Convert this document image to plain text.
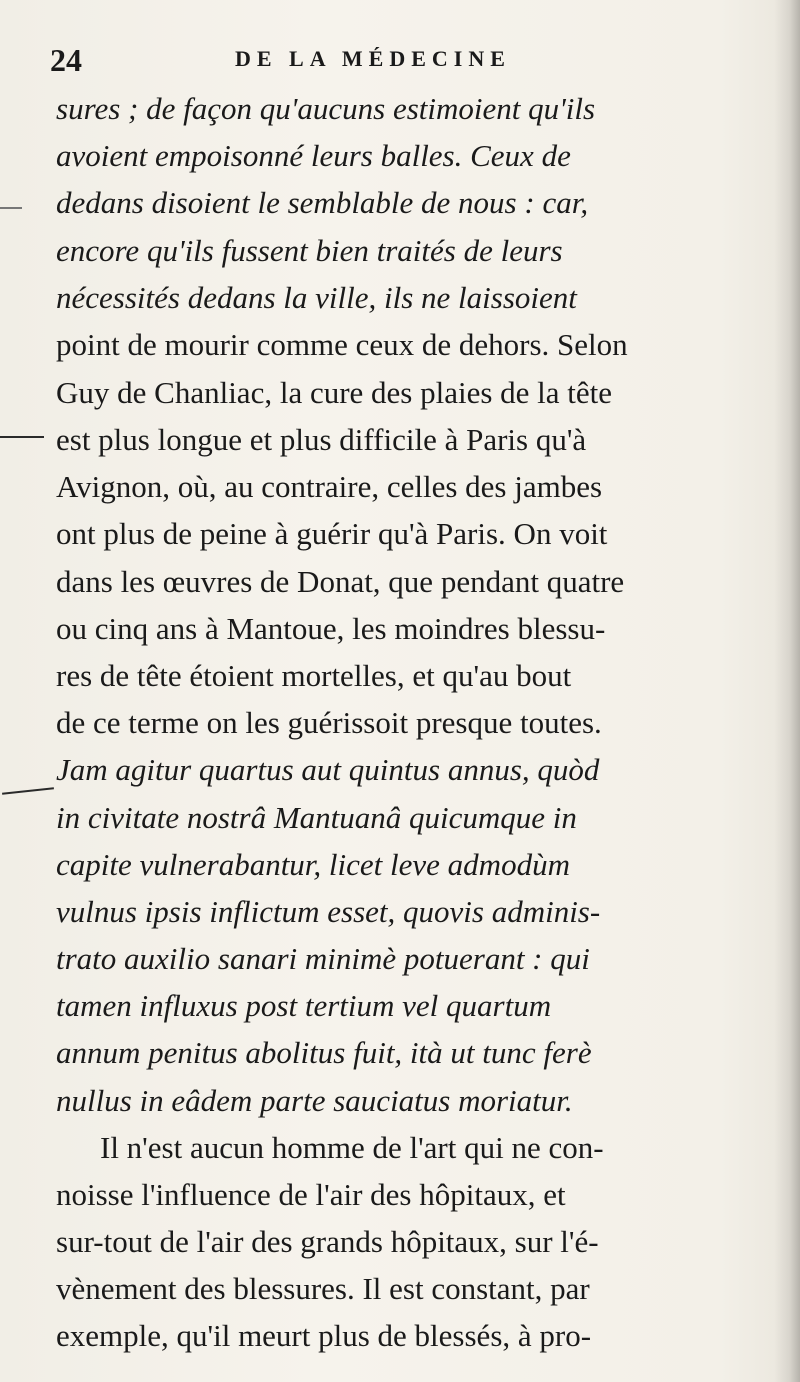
24	DE LA MÉDECINE
sures ; de façon qu'aucuns estimoient qu'ils
avoient empoisonné leurs balles. Ceux de
dedans disoient le semblable de nous : car,
encore qu'ils fussent bien traités de leurs
nécessités dedans la ville, ils ne laissoient
point de mourir comme ceux de dehors. Selon
Guy de Chanliac, la cure des plaies de la tête
est plus longue et plus difficile à Paris qu'à
Avignon, où, au contraire, celles des jambes
ont plus de peine à guérir qu'à Paris. On voit
dans les œuvres de Donat, que pendant quatre
ou cinq ans à Mantoue, les moindres blessu-
res de tête étoient mortelles, et qu'au bout
de ce terme on les guérissoit presque toutes.
Jam agitur quartus aut quintus annus, quòd
in civitate nostrâ Mantuanâ quicumque in
capite vulnerabantur, licet leve admodùm
vulnus ipsis inflictum esset, quovis adminis-
trato auxilio sanari minimè potuerant : qui
tamen influxus post tertium vel quartum
annum penitus abolitus fuit, ità ut tunc ferè
nullus in eâdem parte sauciatus moriatur.
Il n'est aucun homme de l'art qui ne con-
noisse l'influence de l'air des hôpitaux, et
sur-tout de l'air des grands hôpitaux, sur l'é-
vènement des blessures. Il est constant, par
exemple, qu'il meurt plus de blessés, à pro-
